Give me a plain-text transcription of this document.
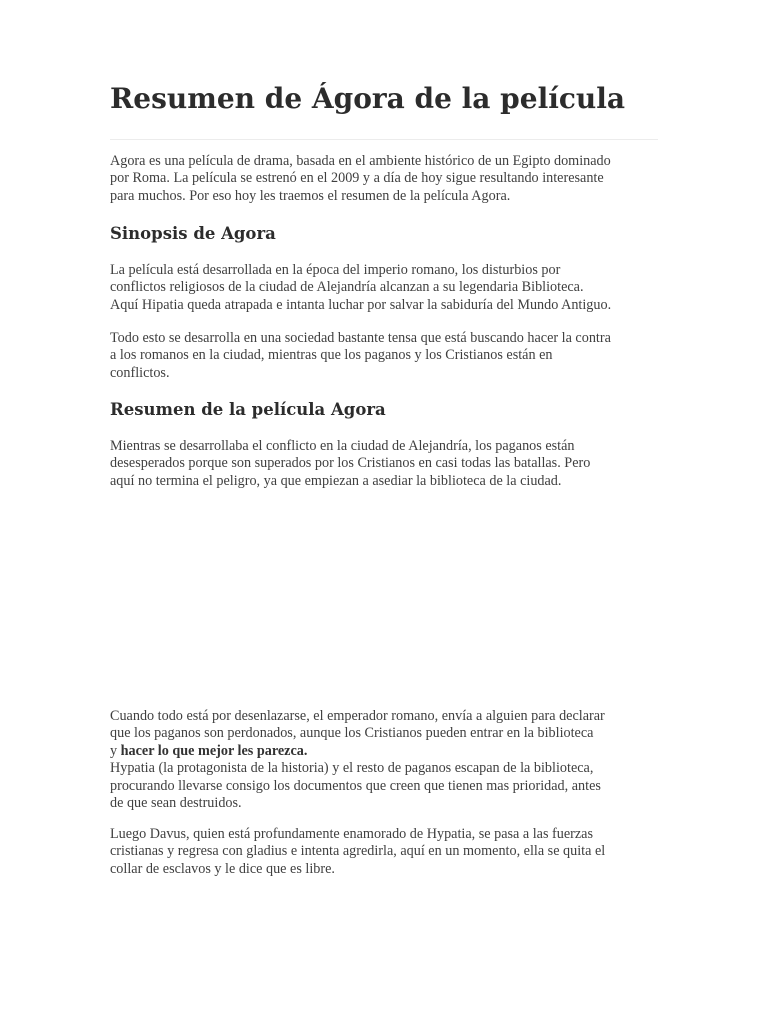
Resumen de Ágora de la película

Agora es una película de drama, basada en el ambiente histórico de un Egipto dominado
por Roma. La película se estrenó en el 2009 y a día de hoy sigue resultando interesante
para muchos. Por eso hoy les traemos el resumen de la película Agora.

Sinopsis de Agora

La película está desarrollada en la época del imperio romano, los disturbios por
conflictos religiosos de la ciudad de Alejandría alcanzan a su legendaria Biblioteca.
Aquí Hipatia queda atrapada e intanta luchar por salvar la sabiduría del Mundo Antiguo.

Todo esto se desarrolla en una sociedad bastante tensa que está buscando hacer la contra
a los romanos en la ciudad, mientras que los paganos y los Cristianos están en
conflictos.

Resumen de la película Agora

Mientras se desarrollaba el conflicto en la ciudad de Alejandría, los paganos están
desesperados porque son superados por los Cristianos en casi todas las batallas. Pero
aquí no termina el peligro, ya que empiezan a asediar la biblioteca de la ciudad.

Cuando todo está por desenlazarse, el emperador romano, envía a alguien para declarar
que los paganos son perdonados, aunque los Cristianos pueden entrar en la biblioteca
y hacer lo que mejor les parezca.
Hypatia (la protagonista de la historia) y el resto de paganos escapan de la biblioteca,
procurando llevarse consigo los documentos que creen que tienen mas prioridad, antes
de que sean destruidos.

Luego Davus, quien está profundamente enamorado de Hypatia, se pasa a las fuerzas
cristianas y regresa con gladius e intenta agredirla, aquí en un momento, ella se quita el
collar de esclavos y le dice que es libre.
